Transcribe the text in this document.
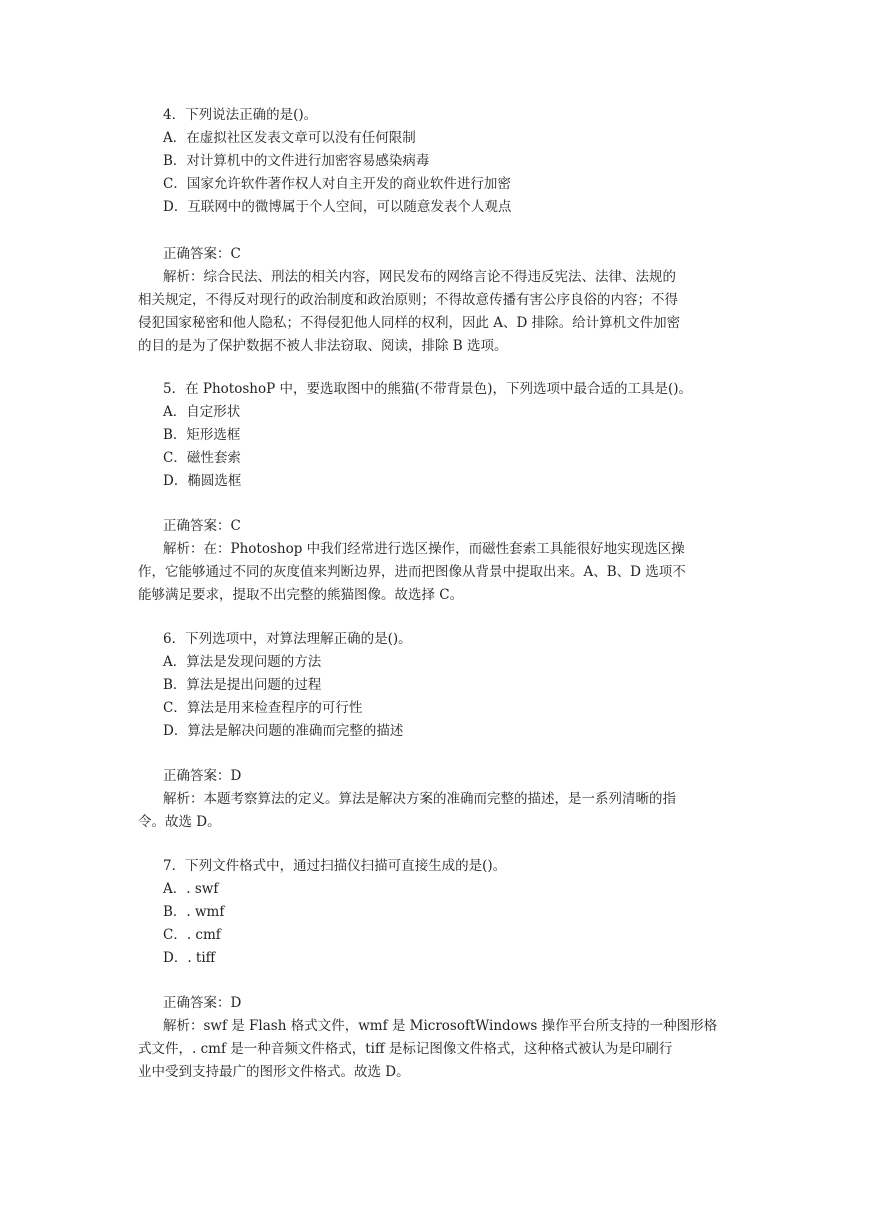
4．下列说法正确的是()。
A．在虚拟社区发表文章可以没有任何限制
B．对计算机中的文件进行加密容易感染病毒
C．国家允许软件著作权人对自主开发的商业软件进行加密
D．互联网中的微博属于个人空间，可以随意发表个人观点
正确答案：C
解析：综合民法、刑法的相关内容，网民发布的网络言论不得违反宪法、法律、法规的
相关规定，不得反对现行的政治制度和政治原则；不得故意传播有害公序良俗的内容；不得
侵犯国家秘密和他人隐私；不得侵犯他人同样的权利，因此 A、D 排除。给计算机文件加密
的目的是为了保护数据不被人非法窃取、阅读，排除 B 选项。
5．在 PhotoshoP 中，要选取图中的熊猫(不带背景色)，下列选项中最合适的工具是()。
A．自定形状
B．矩形选框
C．磁性套索
D．椭圆选框
正确答案：C
解析：在：Photoshop 中我们经常进行选区操作，而磁性套索工具能很好地实现选区操
作，它能够通过不同的灰度值来判断边界，进而把图像从背景中提取出来。A、B、D 选项不
能够满足要求，提取不出完整的熊猫图像。故选择 C。
6．下列选项中，对算法理解正确的是()。
A．算法是发现问题的方法
B．算法是提出问题的过程
C．算法是用来检查程序的可行性
D．算法是解决问题的准确而完整的描述
正确答案：D
解析：本题考察算法的定义。算法是解决方案的准确而完整的描述，是一系列清晰的指
令。故选 D。
7．下列文件格式中，通过扫描仪扫描可直接生成的是()。
A．. swf
B．. wmf
C．. cmf
D．. tiff
正确答案：D
解析：swf 是 Flash 格式文件，wmf 是 MicrosoftWindows 操作平台所支持的一种图形格
式文件，. cmf 是一种音频文件格式，tiff 是标记图像文件格式，这种格式被认为是印刷行
业中受到支持最广的图形文件格式。故选 D。
